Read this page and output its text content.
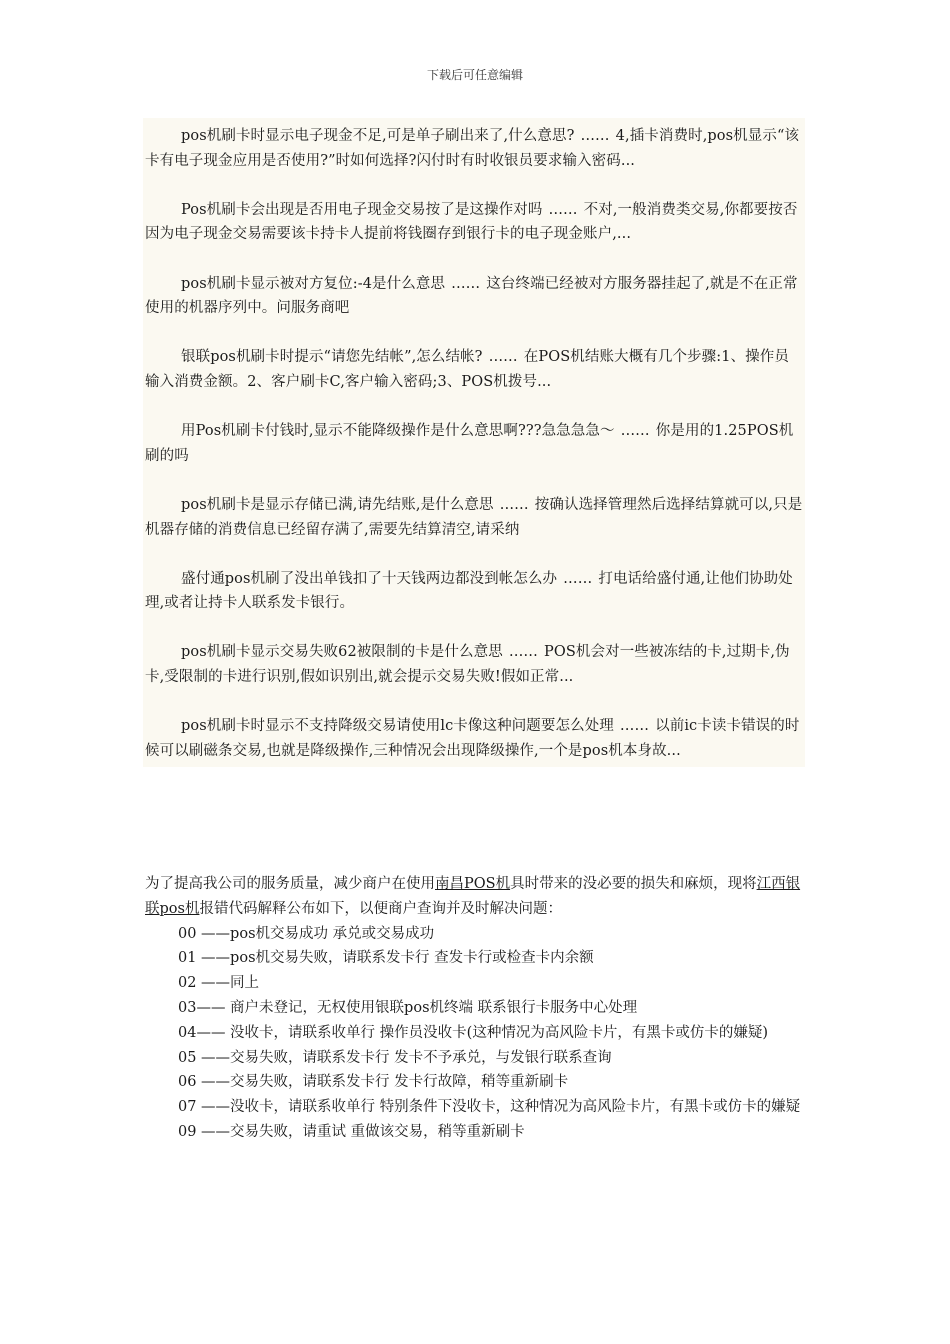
下载后可任意编辑

pos机刷卡时显示电子现金不足,可是单子刷出来了,什么意思? …… 4,插卡消费时,pos机显示“该卡有电子现金应用是否使用?”时如何选择?闪付时有时收银员要求输入密码...

Pos机刷卡会出现是否用电子现金交易按了是这操作对吗 …… 不对,一般消费类交易,你都要按否 因为电子现金交易需要该卡持卡人提前将钱圈存到银行卡的电子现金账户,...

pos机刷卡显示被对方复位:-4是什么意思 …… 这台终端已经被对方服务器挂起了,就是不在正常使用的机器序列中。问服务商吧

银联pos机刷卡时提示“请您先结帐”,怎么结帐? …… 在POS机结账大概有几个步骤:1、操作员输入消费金额。2、客户刷卡C,客户输入密码;3、POS机拨号...

用Pos机刷卡付钱时,显示不能降级操作是什么意思啊???急急急急～ …… 你是用的1.25POS机刷的吗

pos机刷卡是显示存储已满,请先结账,是什么意思 …… 按确认选择管理然后选择结算就可以,只是机器存储的消费信息已经留存满了,需要先结算清空,请采纳

盛付通pos机刷了没出单钱扣了十天钱两边都没到帐怎么办 …… 打电话给盛付通,让他们协助处理,或者让持卡人联系发卡银行。

pos机刷卡显示交易失败62被限制的卡是什么意思 …… POS机会对一些被冻结的卡,过期卡,伪卡,受限制的卡进行识别,假如识别出,就会提示交易失败!假如正常...

pos机刷卡时显示不支持降级交易请使用lc卡像这种问题要怎么处理 …… 以前ic卡读卡错误的时候可以刷磁条交易,也就是降级操作,三种情况会出现降级操作,一个是pos机本身故...

为了提高我公司的服务质量，减少商户在使用南昌POS机具时带来的没必要的损失和麻烦，现将江西银联pos机报错代码解释公布如下，以便商户查询并及时解决问题：

00 ——pos机交易成功 承兑或交易成功

01 ——pos机交易失败，请联系发卡行 查发卡行或检查卡内余额

02 ——同上

03—— 商户未登记，无权使用银联pos机终端 联系银行卡服务中心处理

04—— 没收卡，请联系收单行 操作员没收卡(这种情况为高风险卡片，有黑卡或仿卡的嫌疑)

05 ——交易失败，请联系发卡行 发卡不予承兑，与发银行联系查询

06 ——交易失败，请联系发卡行 发卡行故障，稍等重新刷卡

07 ——没收卡，请联系收单行 特别条件下没收卡，这种情况为高风险卡片，有黑卡或仿卡的嫌疑

09 ——交易失败，请重试 重做该交易，稍等重新刷卡
